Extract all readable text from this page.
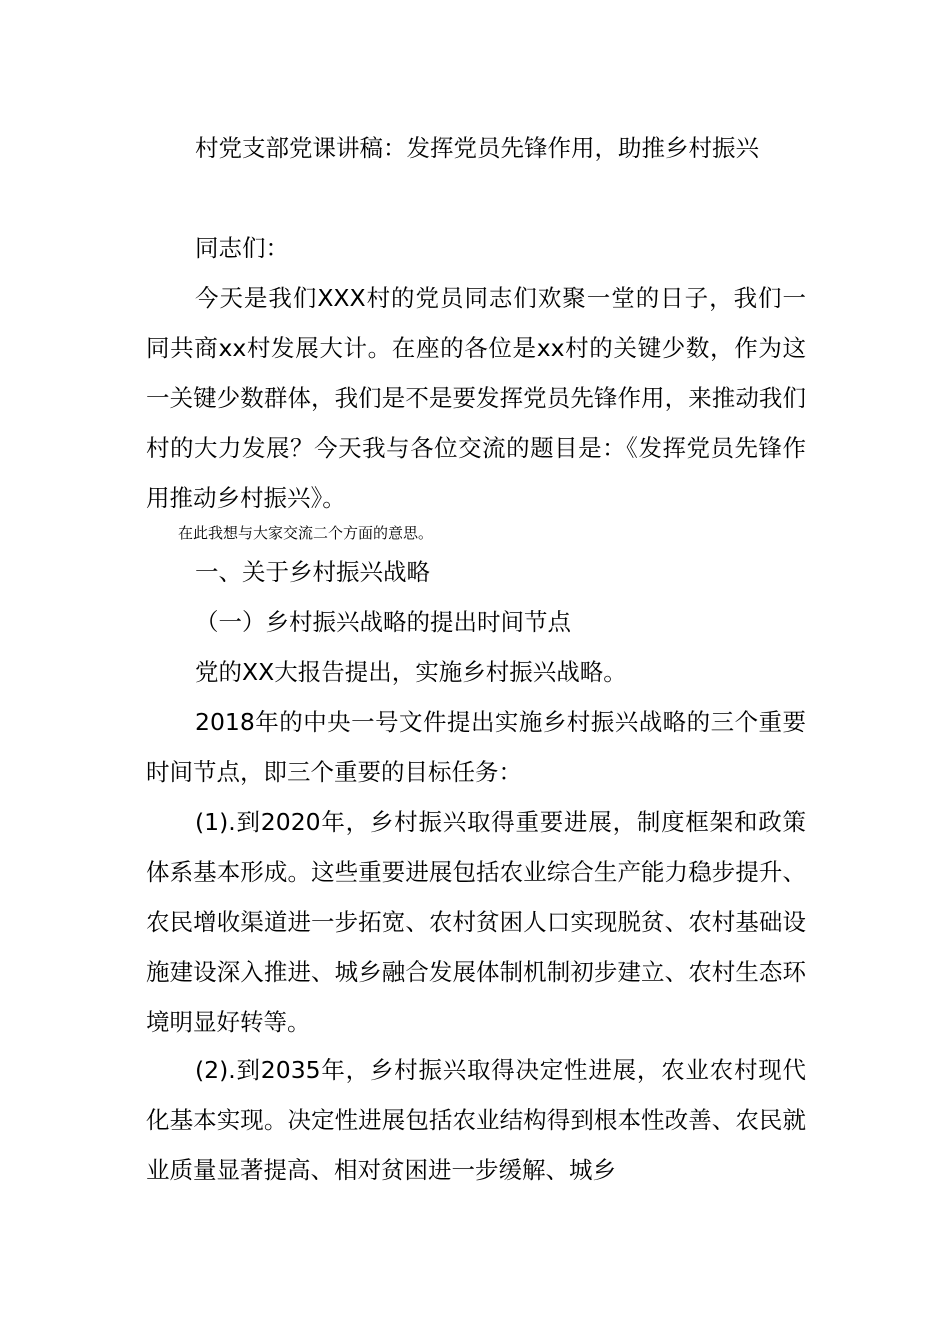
村党支部党课讲稿：发挥党员先锋作用，助推乡村振兴

同志们：

今天是我们XXX村的党员同志们欢聚一堂的日子，我们一同共商xx村发展大计。在座的各位是xx村的关键少数，作为这一关键少数群体，我们是不是要发挥党员先锋作用，来推动我们村的大力发展？今天我与各位交流的题目是：《发挥党员先锋作用推动乡村振兴》。

在此我想与大家交流二个方面的意思。

一、关于乡村振兴战略

（一）乡村振兴战略的提出时间节点

党的XX大报告提出，实施乡村振兴战略。

2018年的中央一号文件提出实施乡村振兴战略的三个重要时间节点，即三个重要的目标任务：

(1).到2020年，乡村振兴取得重要进展，制度框架和政策体系基本形成。这些重要进展包括农业综合生产能力稳步提升、农民增收渠道进一步拓宽、农村贫困人口实现脱贫、农村基础设施建设深入推进、城乡融合发展体制机制初步建立、农村生态环境明显好转等。

(2).到2035年，乡村振兴取得决定性进展，农业农村现代化基本实现。决定性进展包括农业结构得到根本性改善、农民就业质量显著提高、相对贫困进一步缓解、城乡
